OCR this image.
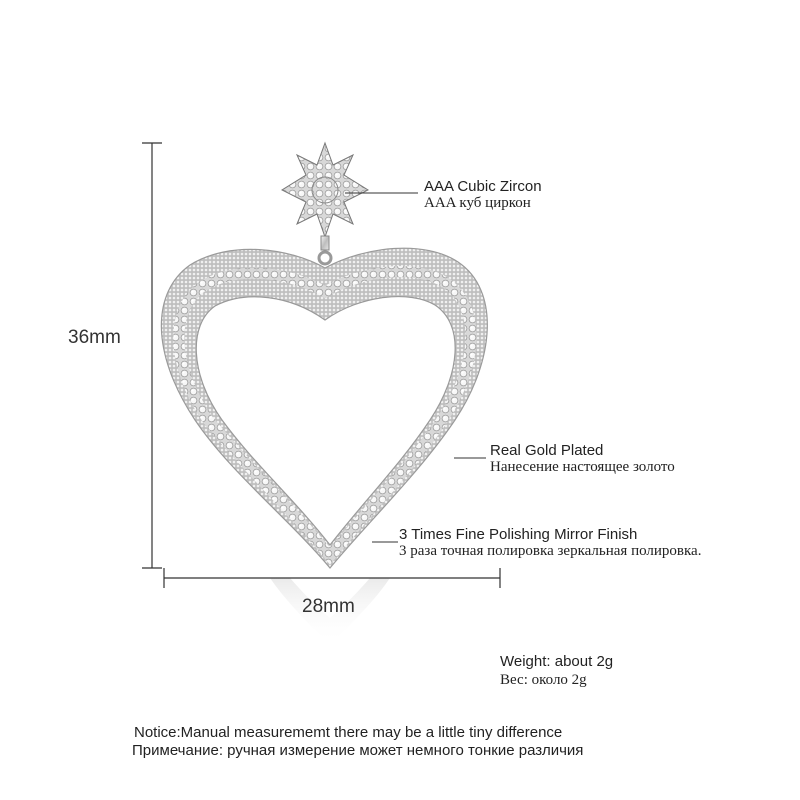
36mm
28mm
AAA Cubic Zircon
AAA куб циркон
Real Gold Plated
Нанесение настоящее золото
3 Times Fine Polishing Mirror Finish
3 раза точная полировка зеркальная полировка.
Weight: about 2g
Вес: около 2g
Notice:Manual measurememt there may be a little tiny difference
Примечание: ручная измерение может немного тонкие различия
